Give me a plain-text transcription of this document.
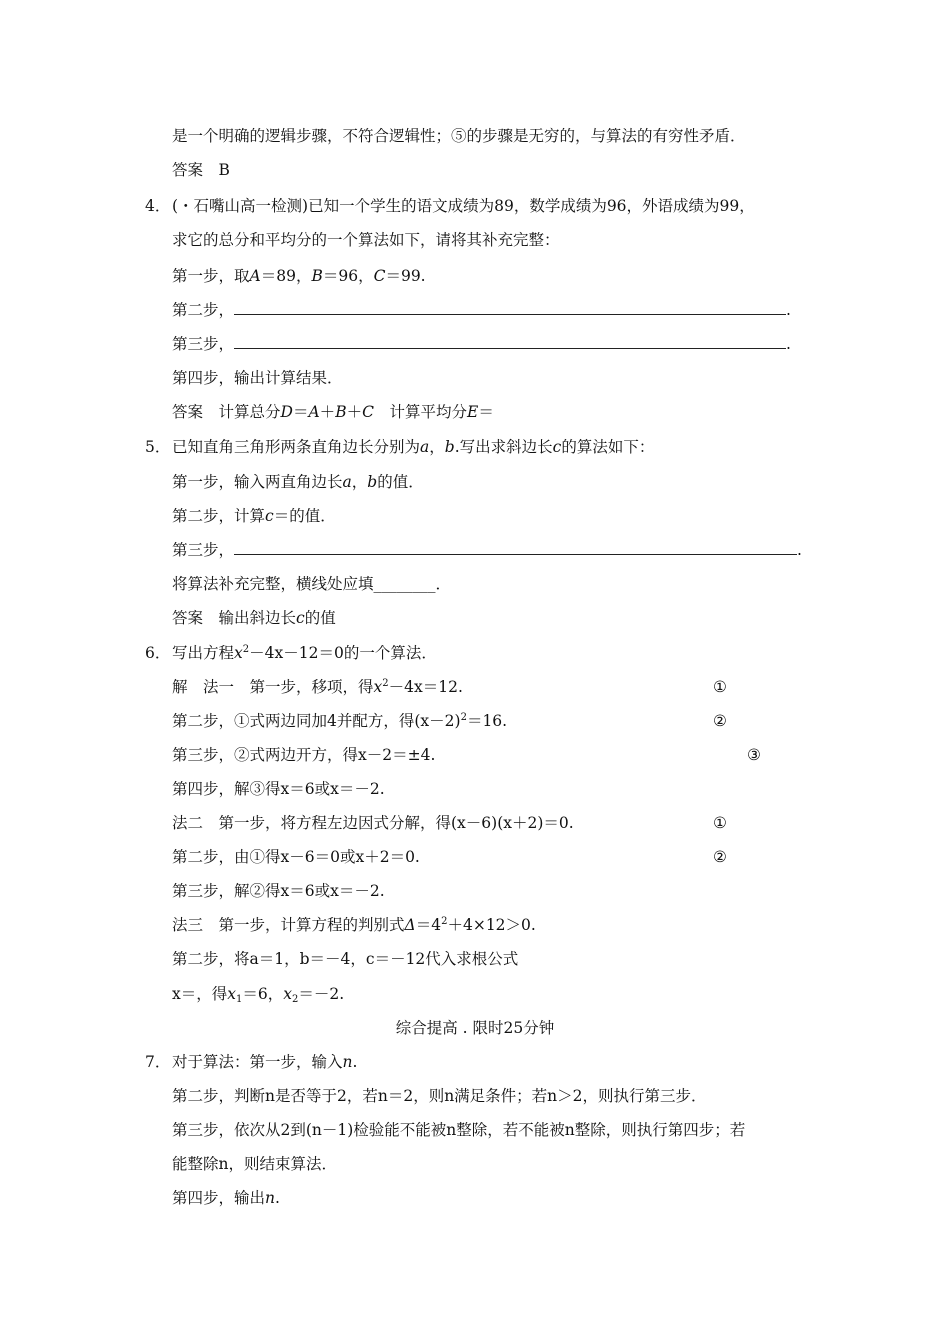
是一个明确的逻辑步骤，不符合逻辑性；⑤的步骤是无穷的，与算法的有穷性矛盾．
答案　B
4． (・石嘴山高一检测)已知一个学生的语文成绩为89，数学成绩为96，外语成绩为99，
求它的总分和平均分的一个算法如下，请将其补充完整：
第一步，取A＝89，B＝96，C＝99.
第二步，	.
第三步，	.
第四步，输出计算结果．
答案　计算总分D＝A＋B＋C　计算平均分E＝
5． 已知直角三角形两条直角边长分别为a，b.写出求斜边长c的算法如下：
第一步，输入两直角边长a，b的值．
第二步，计算c＝的值．
第三步，	.
将算法补充完整，横线处应填________．
答案　输出斜边长c的值
6． 写出方程$x^2-4x-12=0$的一个算法．
解　法一　第一步，移项，得$x^2-4x=12$.	①
第二步，①式两边同加4并配方，得$(x-2)^2=16$.	②
第三步，②式两边开方，得x－2＝±4.	③
第四步，解③得x＝6或x＝－2.
法二　第一步，将方程左边因式分解，得(x－6)(x＋2)＝0.	①
第二步，由①得x－6＝0或x＋2＝0.	②
第三步，解②得x＝6或x＝－2.
法三　第一步，计算方程的判别式$\Delta=4^2+4\times 12>0$.
第二步，将a＝1，b＝－4，c＝－12代入求根公式
x＝，得$x_1=6$，$x_2=-2$.
综合提高 . 限时25分钟
7． 对于算法：第一步，输入n.
第二步，判断n是否等于2，若n＝2，则n满足条件；若n＞2，则执行第三步．
第三步，依次从2到(n－1)检验能不能被n整除，若不能被n整除，则执行第四步；若
能整除n，则结束算法．
第四步，输出n.
